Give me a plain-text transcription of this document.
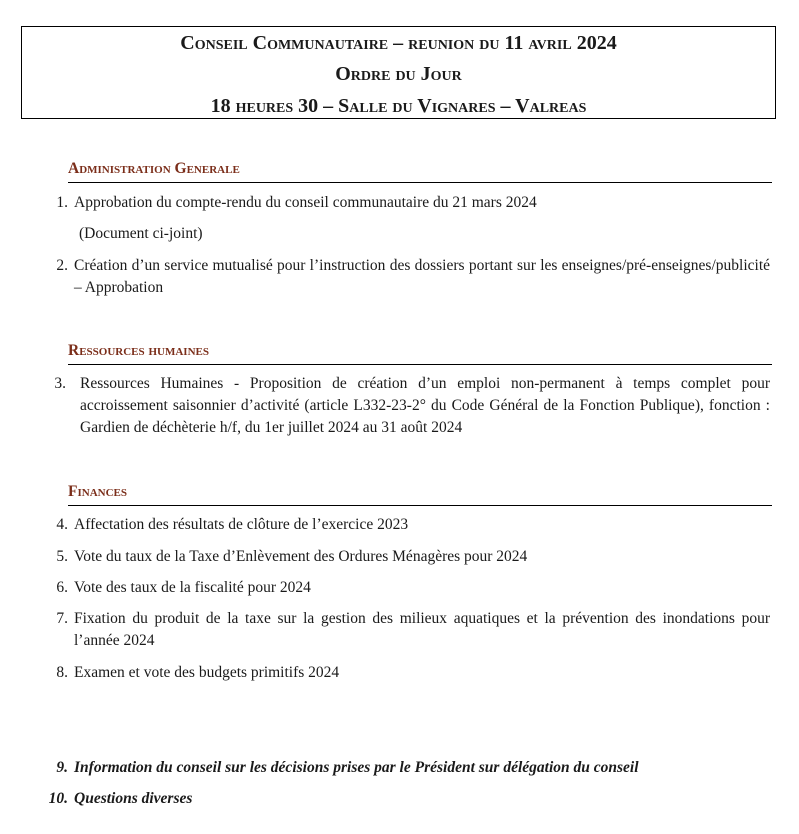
Conseil Communautaire – reunion du 11 avril 2024
Ordre du Jour
18 heures 30 – Salle du Vignares – Valreas
Administration Generale
1. Approbation du compte-rendu du conseil communautaire du 21 mars 2024
(Document ci-joint)
2. Création d’un service mutualisé pour l’instruction des dossiers portant sur les enseignes/pré-enseignes/publicité – Approbation
Ressources humaines
3. Ressources Humaines - Proposition de création d’un emploi non-permanent à temps complet pour accroissement saisonnier d’activité (article L332-23-2° du Code Général de la Fonction Publique), fonction : Gardien de déchèterie h/f, du 1er juillet 2024 au 31 août 2024
Finances
4. Affectation des résultats de clôture de l’exercice 2023
5. Vote du taux de la Taxe d’Enlèvement des Ordures Ménagères pour 2024
6. Vote des taux de la fiscalité pour 2024
7. Fixation du produit de la taxe sur la gestion des milieux aquatiques et la prévention des inondations pour l’année 2024
8. Examen et vote des budgets primitifs 2024
9. Information du conseil sur les décisions prises par le Président sur délégation du conseil
10. Questions diverses
